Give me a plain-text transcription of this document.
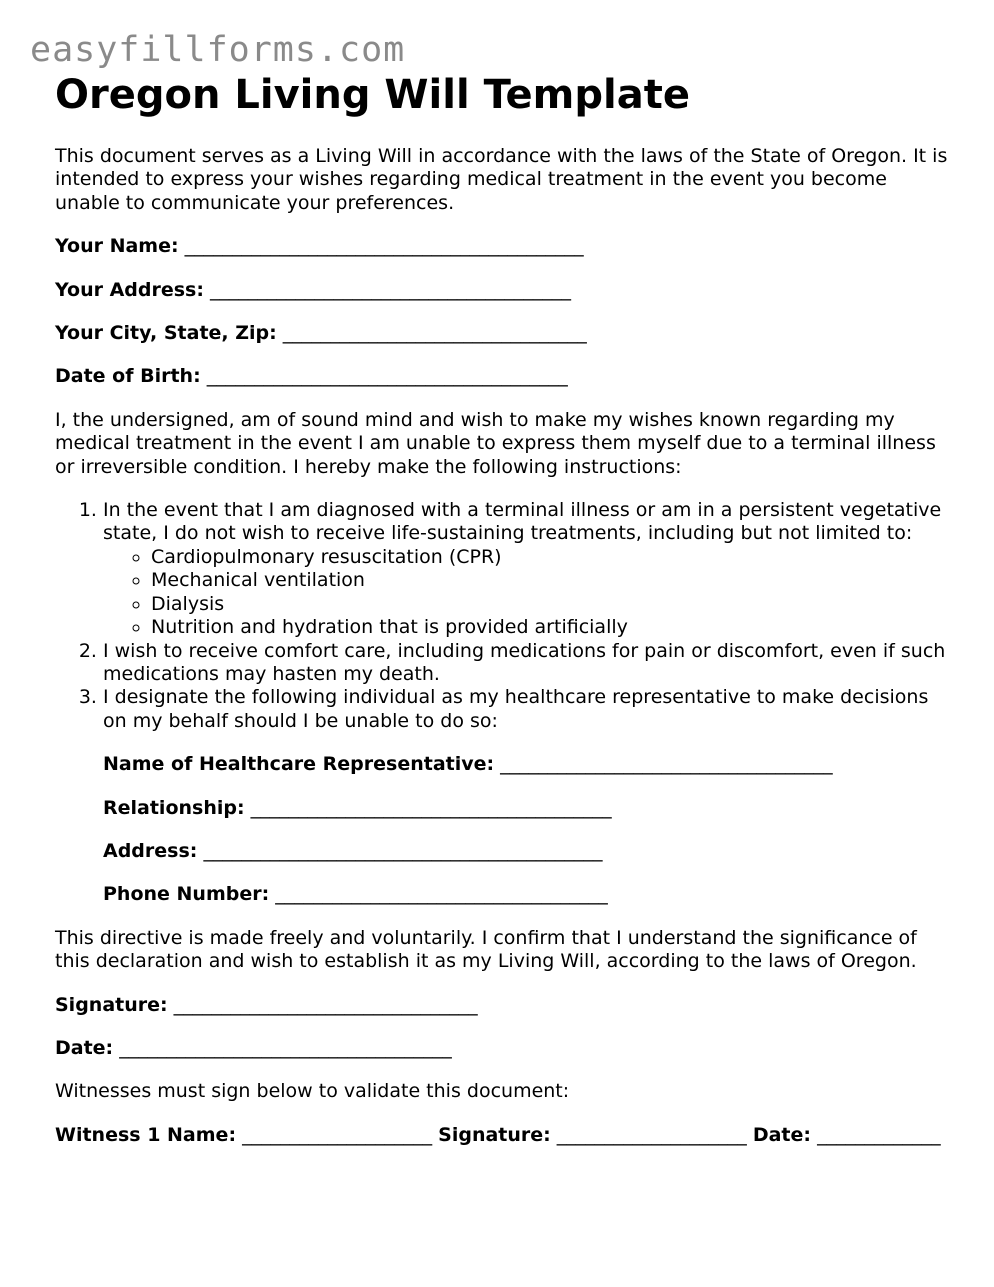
easyfillforms.com
Oregon Living Will Template

This document serves as a Living Will in accordance with the laws of the State of Oregon. It is intended to express your wishes regarding medical treatment in the event you become unable to communicate your preferences.

Your Name: __________________________________________
Your Address: ______________________________________
Your City, State, Zip: ________________________________
Date of Birth: ______________________________________

I, the undersigned, am of sound mind and wish to make my wishes known regarding my medical treatment in the event I am unable to express them myself due to a terminal illness or irreversible condition. I hereby make the following instructions:

1. In the event that I am diagnosed with a terminal illness or am in a persistent vegetative state, I do not wish to receive life-sustaining treatments, including but not limited to:
◦ Cardiopulmonary resuscitation (CPR)
◦ Mechanical ventilation
◦ Dialysis
◦ Nutrition and hydration that is provided artificially
2. I wish to receive comfort care, including medications for pain or discomfort, even if such medications may hasten my death.
3. I designate the following individual as my healthcare representative to make decisions on my behalf should I be unable to do so:
Name of Healthcare Representative: ___________________________________
Relationship: ______________________________________
Address: __________________________________________
Phone Number: ___________________________________

This directive is made freely and voluntarily. I confirm that I understand the significance of this declaration and wish to establish it as my Living Will, according to the laws of Oregon.

Signature: ________________________________
Date: ___________________________________

Witnesses must sign below to validate this document:

Witness 1 Name: ____________________ Signature: ____________________ Date: _____________
